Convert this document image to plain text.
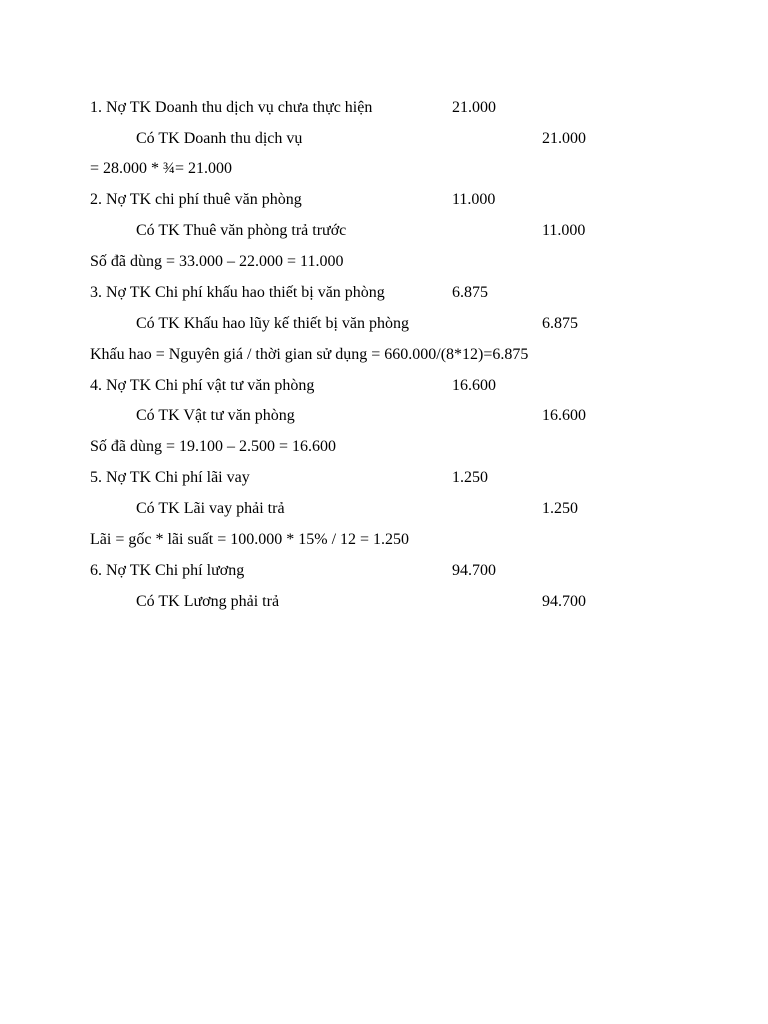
1. Nợ TK Doanh thu dịch vụ chưa thực hiện	21.000
Có TK Doanh thu dịch vụ	21.000
= 28.000 * ¾= 21.000
2. Nợ TK chi phí thuê văn phòng	11.000
Có TK Thuê văn phòng trả trước	11.000
Số đã dùng = 33.000 – 22.000 = 11.000
3. Nợ TK Chi phí khấu hao thiết bị văn phòng	6.875
Có TK Khấu hao lũy kế thiết bị văn phòng	6.875
Khấu hao = Nguyên giá / thời gian sử dụng = 660.000/(8*12)=6.875
4. Nợ TK Chi phí vật tư văn phòng	16.600
Có TK Vật tư văn phòng	16.600
Số đã dùng = 19.100 – 2.500 = 16.600
5. Nợ TK Chi phí lãi vay	1.250
Có TK Lãi vay phải trả	1.250
Lãi = gốc * lãi suất = 100.000 * 15% / 12 = 1.250
6. Nợ TK Chi phí lương	94.700
Có TK Lương phải trả	94.700
